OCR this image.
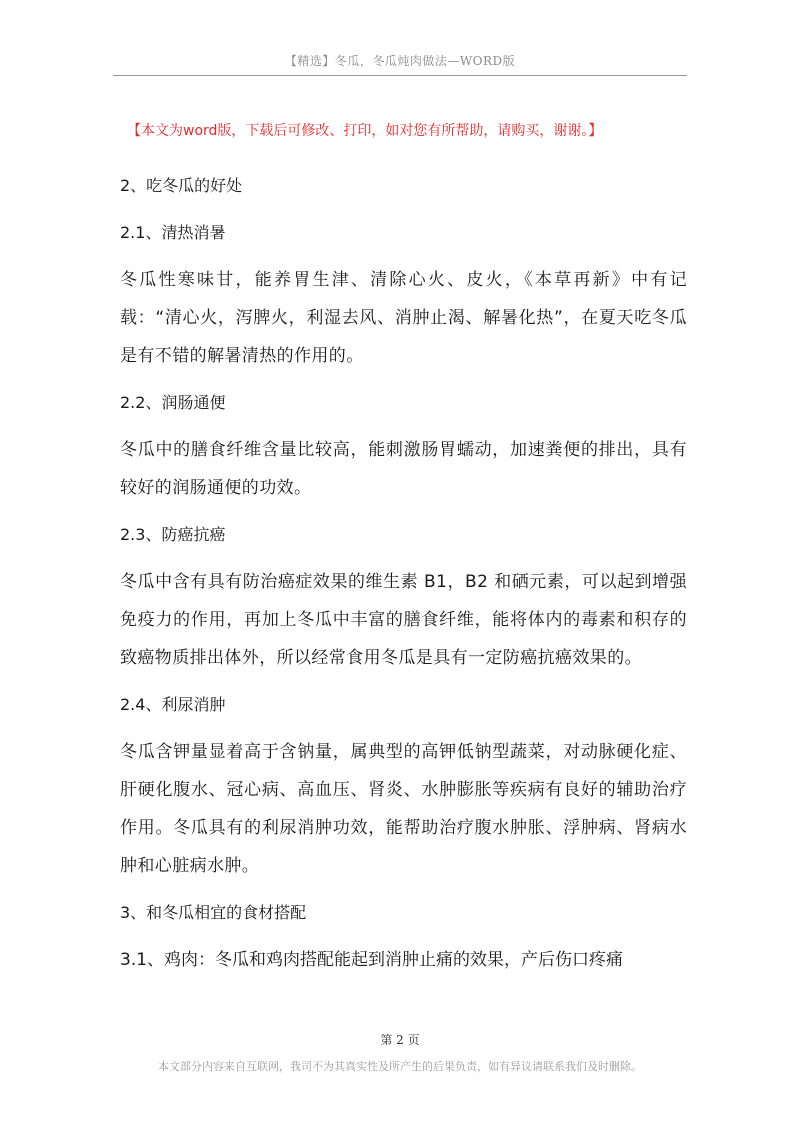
【精选】冬瓜，冬瓜炖肉做法—WORD版
【本文为word版，下载后可修改、打印，如对您有所帮助，请购买，谢谢。】
2、吃冬瓜的好处
2.1、清热消暑
冬瓜性寒味甘，能养胃生津、清除心火、皮火，《本草再新》中有记载：“清心火，泻脾火，利湿去风、消肿止渴、解暑化热”，在夏天吃冬瓜是有不错的解暑清热的作用的。
2.2、润肠通便
冬瓜中的膳食纤维含量比较高，能刺激肠胃蠕动，加速粪便的排出，具有较好的润肠通便的功效。
2.3、防癌抗癌
冬瓜中含有具有防治癌症效果的维生素 B1，B2 和硒元素，可以起到增强免疫力的作用，再加上冬瓜中丰富的膳食纤维，能将体内的毒素和积存的致癌物质排出体外，所以经常食用冬瓜是具有一定防癌抗癌效果的。
2.4、利尿消肿
冬瓜含钾量显着高于含钠量，属典型的高钾低钠型蔬菜，对动脉硬化症、肝硬化腹水、冠心病、高血压、肾炎、水肿膨胀等疾病有良好的辅助治疗作用。冬瓜具有的利尿消肿功效，能帮助治疗腹水肿胀、浮肿病、肾病水肿和心脏病水肿。
3、和冬瓜相宜的食材搭配
3.1、鸡肉：冬瓜和鸡肉搭配能起到消肿止痛的效果，产后伤口疼痛
第 2 页
本文部分内容来自互联网，我司不为其真实性及所产生的后果负责，如有异议请联系我们及时删除。
